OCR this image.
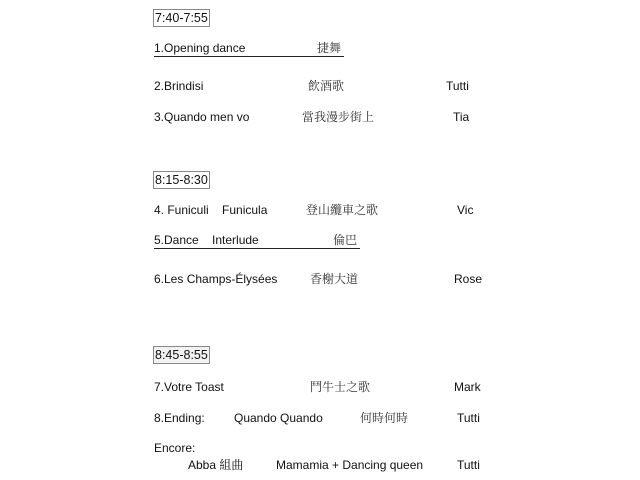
7:40-7:55
1.Opening dance	捷舞
2.Brindisi	飲酒歌	Tutti
3.Quando men vo	當我漫步街上	Tia
8:15-8:30
4. Funiculi    Funicula	登山纜車之歌	Vic
5.Dance    Interlude	倫巴
6.Les Champs-Élysées	香榭大道	Rose
8:45-8:55
7.Votre Toast	鬥牛士之歌	Mark
8.Ending: Quando Quando	何時何時	Tutti
Encore:
Abba 組曲	Mamamia + Dancing queen	Tutti
